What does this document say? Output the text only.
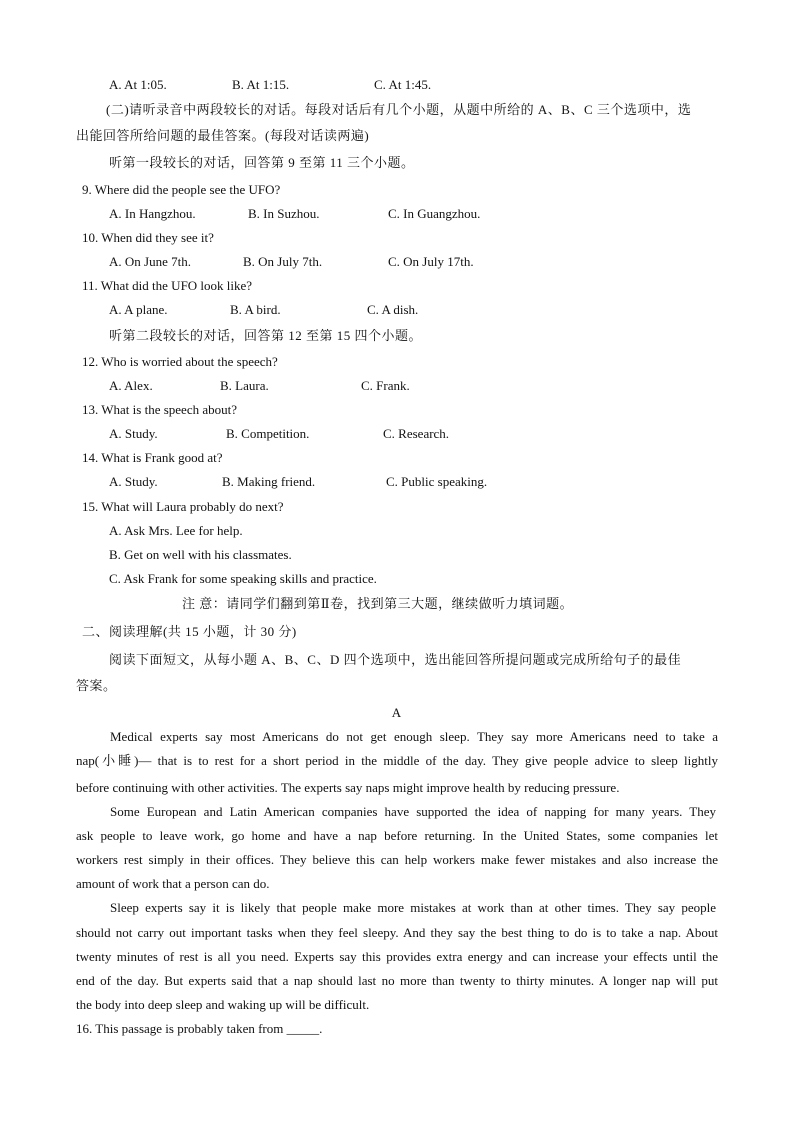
A. At 1:05.	B. At 1:15.	C. At 1:45.
(二)请听录音中两段较长的对话。每段对话后有几个小题，从题中所给的 A、B、C 三个选项中，选
出能回答所给问题的最佳答案。(每段对话读两遍)
听第一段较长的对话，回答第 9 至第 11 三个小题。
9. Where did the people see the UFO?
A. In Hangzhou.	B. In Suzhou.	C. In Guangzhou.
10. When did they see it?
A. On June 7th.	B. On July 7th.	C. On July 17th.
11. What did the UFO look like?
A. A plane.	B. A bird.	C. A dish.
听第二段较长的对话，回答第 12 至第 15 四个小题。
12. Who is worried about the speech?
A. Alex.	B. Laura.	C. Frank.
13. What is the speech about?
A. Study.	B. Competition.	C. Research.
14. What is Frank good at?
A. Study.	B. Making friend.	C. Public speaking.
15. What will Laura probably do next?
A. Ask Mrs. Lee for help.
B. Get on well with his classmates.
C. Ask Frank for some speaking skills and practice.
注 意：请同学们翻到第Ⅱ卷，找到第三大题，继续做听力填词题。
二、阅读理解(共 15 小题，计 30 分)
阅读下面短文，从每小题 A、B、C、D 四个选项中，选出能回答所提问题或完成所给句子的最佳
答案。
A
Medical experts say most Americans do not get enough sleep. They say more Americans need to take a
nap(小睡)— that is to rest for a short period in the middle of the day. They give people advice to sleep lightly
before continuing with other activities. The experts say naps might improve health by reducing pressure.
Some European and Latin American companies have supported the idea of napping for many years. They
ask people to leave work, go home and have a nap before returning. In the United States, some companies let
workers rest simply in their offices. They believe this can help workers make fewer mistakes and also increase the
amount of work that a person can do.
Sleep experts say it is likely that people make more mistakes at work than at other times. They say people
should not carry out important tasks when they feel sleepy. And they say the best thing to do is to take a nap. About
twenty minutes of rest is all you need. Experts say this provides extra energy and can increase your effects until the
end of the day. But experts said that a nap should last no more than twenty to thirty minutes. A longer nap will put
the body into deep sleep and waking up will be difficult.
16. This passage is probably taken from _____.
